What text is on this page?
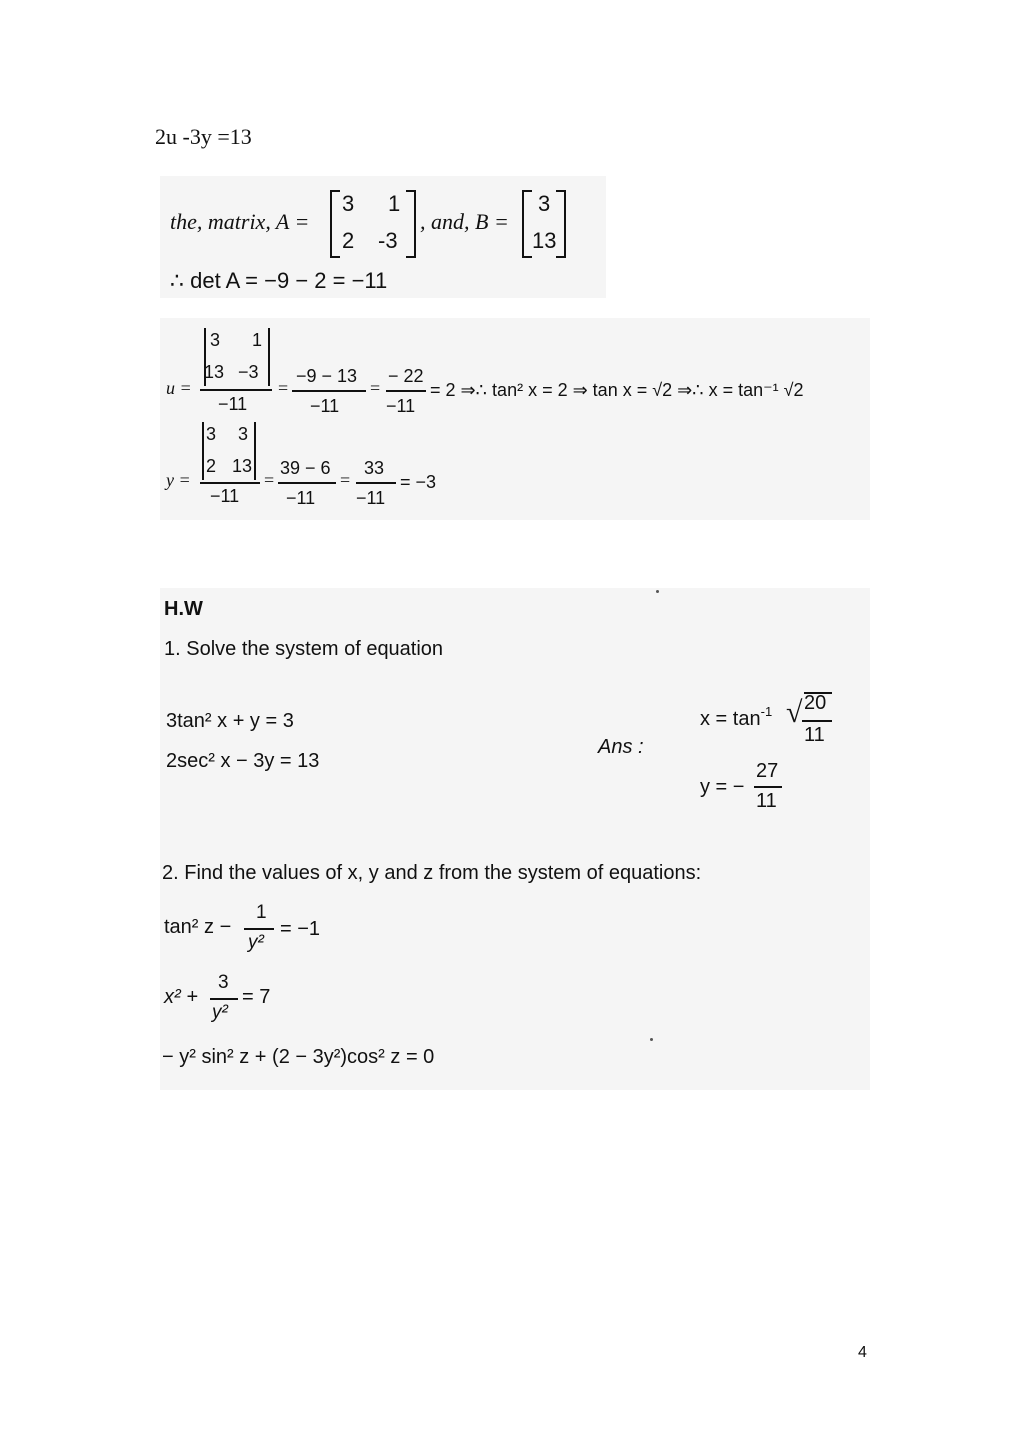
2u -3y =13
the, matrix, A =
3 1
2 -3
, and, B =
3
13
∴ det A = −9 − 2 = −11
u =
3 1
13 −3
−11
=
−9 − 13
−11
=
− 22
−11
= 2 ⇒∴ tan² x = 2 ⇒ tan x = √2 ⇒∴ x = tan⁻¹ √2
y =
3 3
2 13
−11
=
39 − 6
−11
=
33
−11
= −3
H.W
1. Solve the system of equation
3tan² x + y = 3
2sec² x − 3y = 13
Ans :
$x = \tan^{-1}$ √ 20
11
y = −
27
11
2. Find the values of x, y and z from the system of equations:
tan² z −
1
y²
= −1
x² +
3
y²
= 7
− y² sin² z + (2 − 3y²)cos² z = 0
4
